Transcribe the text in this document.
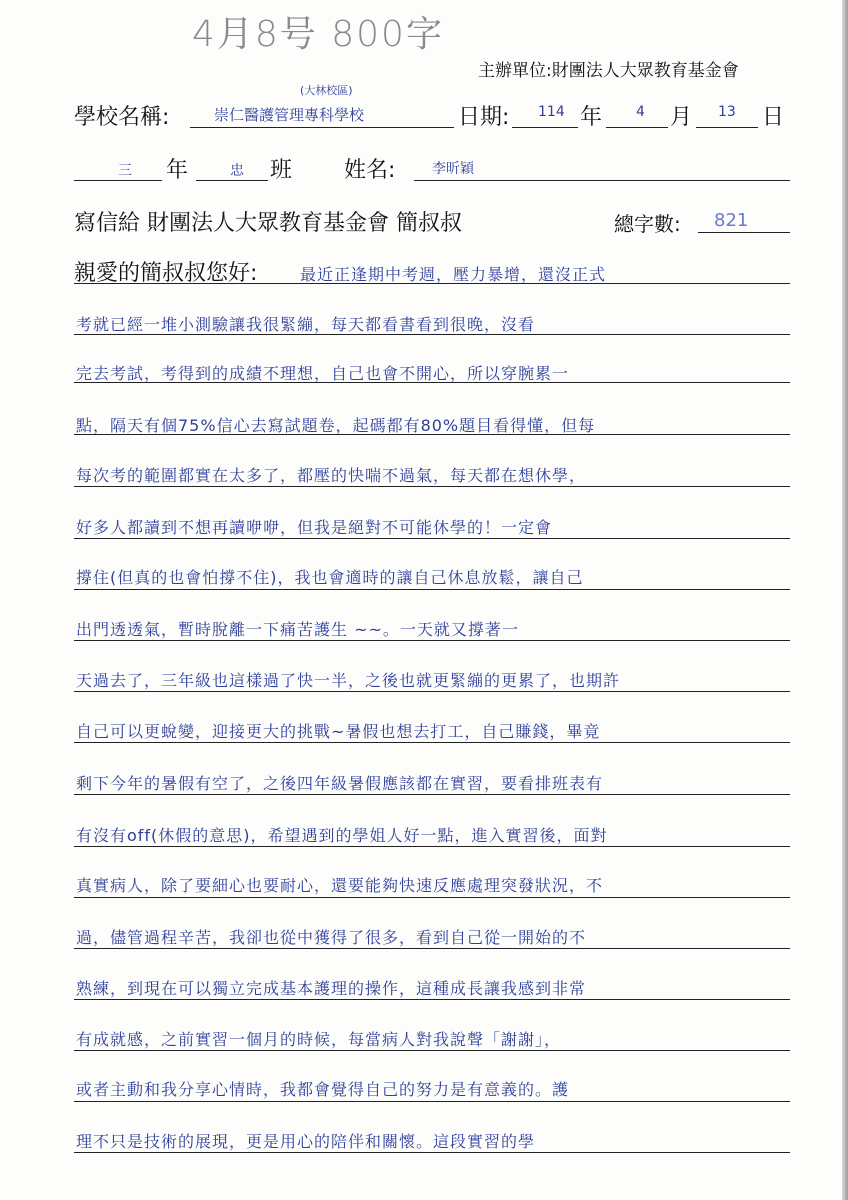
4月8号 800字
主辦單位:財團法人大眾教育基金會
學校名稱:
(大林校區)
崇仁醫護管理專科學校	日期: 114 年 4 月 13 日
三 年	忠 班 姓名:	李昕穎
寫信給 財團法人大眾教育基金會 簡叔叔	總字數: 821
親愛的簡叔叔您好:	最近正逢期中考週，壓力暴增，還沒正式
考就已經一堆小測驗讓我很緊繃，每天都看書看到很晚，沒看
完去考試，考得到的成績不理想，自己也會不開心，所以穿腕累一
點，隔天有個75%信心去寫試題卷，起碼都有80%題目看得懂，但每
每次考的範圍都實在太多了，都壓的快喘不過氣，每天都在想休學，
好多人都讀到不想再讀咿咿，但我是絕對不可能休學的！一定會
撐住(但真的也會怕撐不住)，我也會適時的讓自己休息放鬆，讓自己
出門透透氣，暫時脫離一下痛苦護生 ~~。一天就又撐著一
天過去了，三年級也這樣過了快一半，之後也就更緊繃的更累了，也期許
自己可以更蛻變，迎接更大的挑戰~暑假也想去打工，自己賺錢，畢竟
剩下今年的暑假有空了，之後四年級暑假應該都在實習，要看排班表有
有沒有off(休假的意思)，希望遇到的學姐人好一點，進入實習後，面對
真實病人，除了要細心也要耐心，還要能夠快速反應處理突發狀況，不
過，儘管過程辛苦，我卻也從中獲得了很多，看到自己從一開始的不
熟練，到現在可以獨立完成基本護理的操作，這種成長讓我感到非常
有成就感，之前實習一個月的時候，每當病人對我說聲「謝謝」，
或者主動和我分享心情時，我都會覺得自己的努力是有意義的。護
理不只是技術的展現，更是用心的陪伴和關懷。這段實習的學
